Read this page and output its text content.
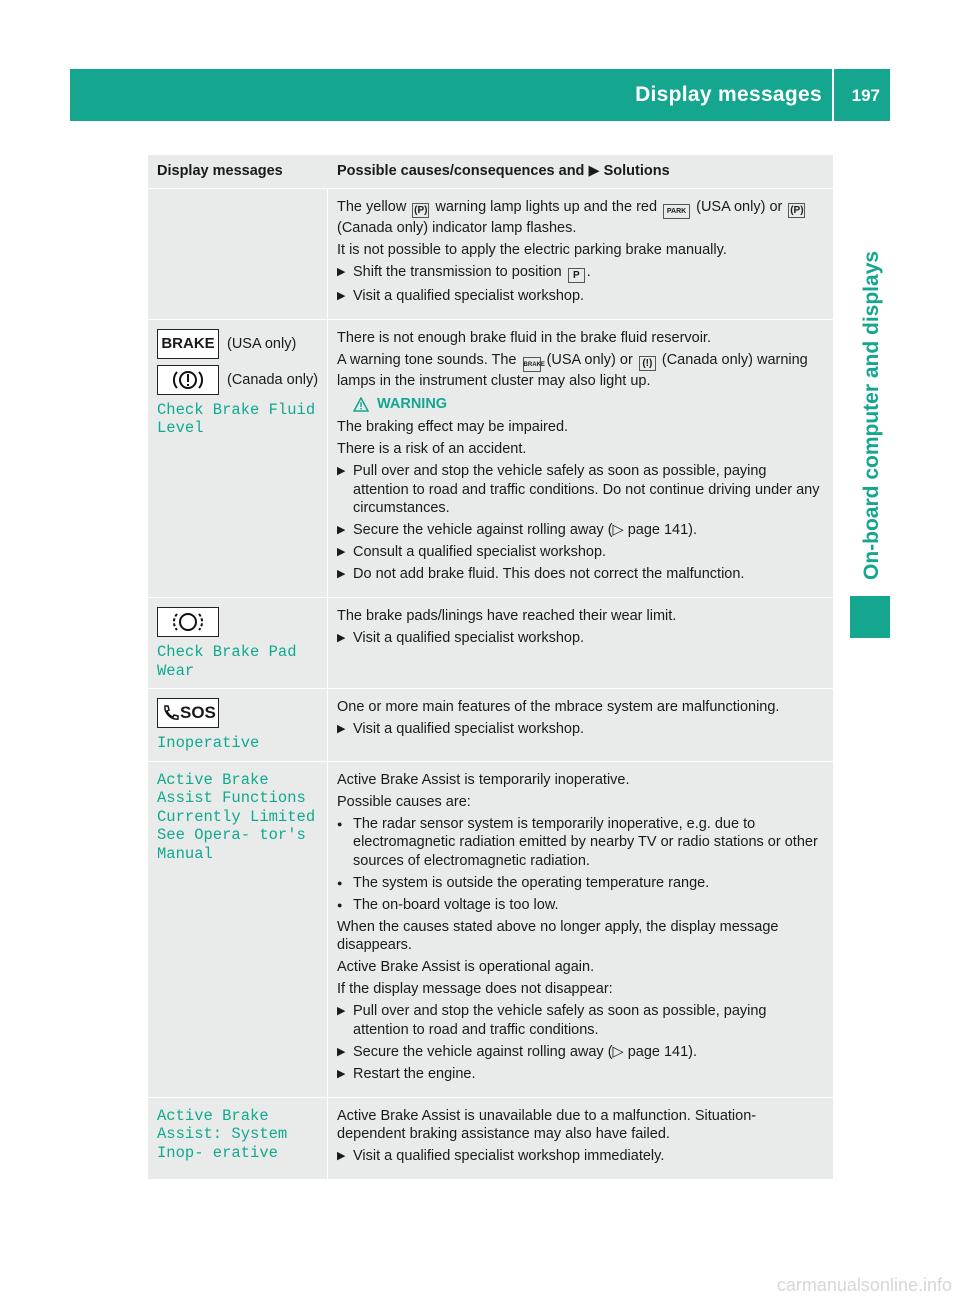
Display messages 197
On-board computer and displays
Display messages	Possible causes/consequences and ▶ Solutions
The yellow (P) warning lamp lights up and the red PARK (USA only) or (P) (Canada only) indicator lamp flashes.
It is not possible to apply the electric parking brake manually.
▶ Shift the transmission to position P .
▶ Visit a qualified specialist workshop.
BRAKE (USA only)
(Canada only)
Check Brake Fluid Level
There is not enough brake fluid in the brake fluid reservoir.
A warning tone sounds. The BRAKE (USA only) or (!) (Canada only) warning lamps in the instrument cluster may also light up.
WARNING
The braking effect may be impaired.
There is a risk of an accident.
▶ Pull over and stop the vehicle safely as soon as possible, paying attention to road and traffic conditions. Do not continue driving under any circumstances.
▶ Secure the vehicle against rolling away (▷ page 141).
▶ Consult a qualified specialist workshop.
▶ Do not add brake fluid. This does not correct the malfunction.
Check Brake Pad Wear
The brake pads/linings have reached their wear limit.
▶ Visit a qualified specialist workshop.
SOS
Inoperative
One or more main features of the mbrace system are malfunctioning.
▶ Visit a qualified specialist workshop.
Active Brake Assist Functions Currently Limited See Opera‑ tor's Manual
Active Brake Assist is temporarily inoperative.
Possible causes are:
● The radar sensor system is temporarily inoperative, e.g. due to electromagnetic radiation emitted by nearby TV or radio stations or other sources of electromagnetic radiation.
● The system is outside the operating temperature range.
● The on-board voltage is too low.
When the causes stated above no longer apply, the display message disappears.
Active Brake Assist is operational again.
If the display message does not disappear:
▶ Pull over and stop the vehicle safely as soon as possible, paying attention to road and traffic conditions.
▶ Secure the vehicle against rolling away (▷ page 141).
▶ Restart the engine.
Active Brake Assist: System Inop‑ erative
Active Brake Assist is unavailable due to a malfunction. Situation-dependent braking assistance may also have failed.
▶ Visit a qualified specialist workshop immediately.
carmanualsonline.info
